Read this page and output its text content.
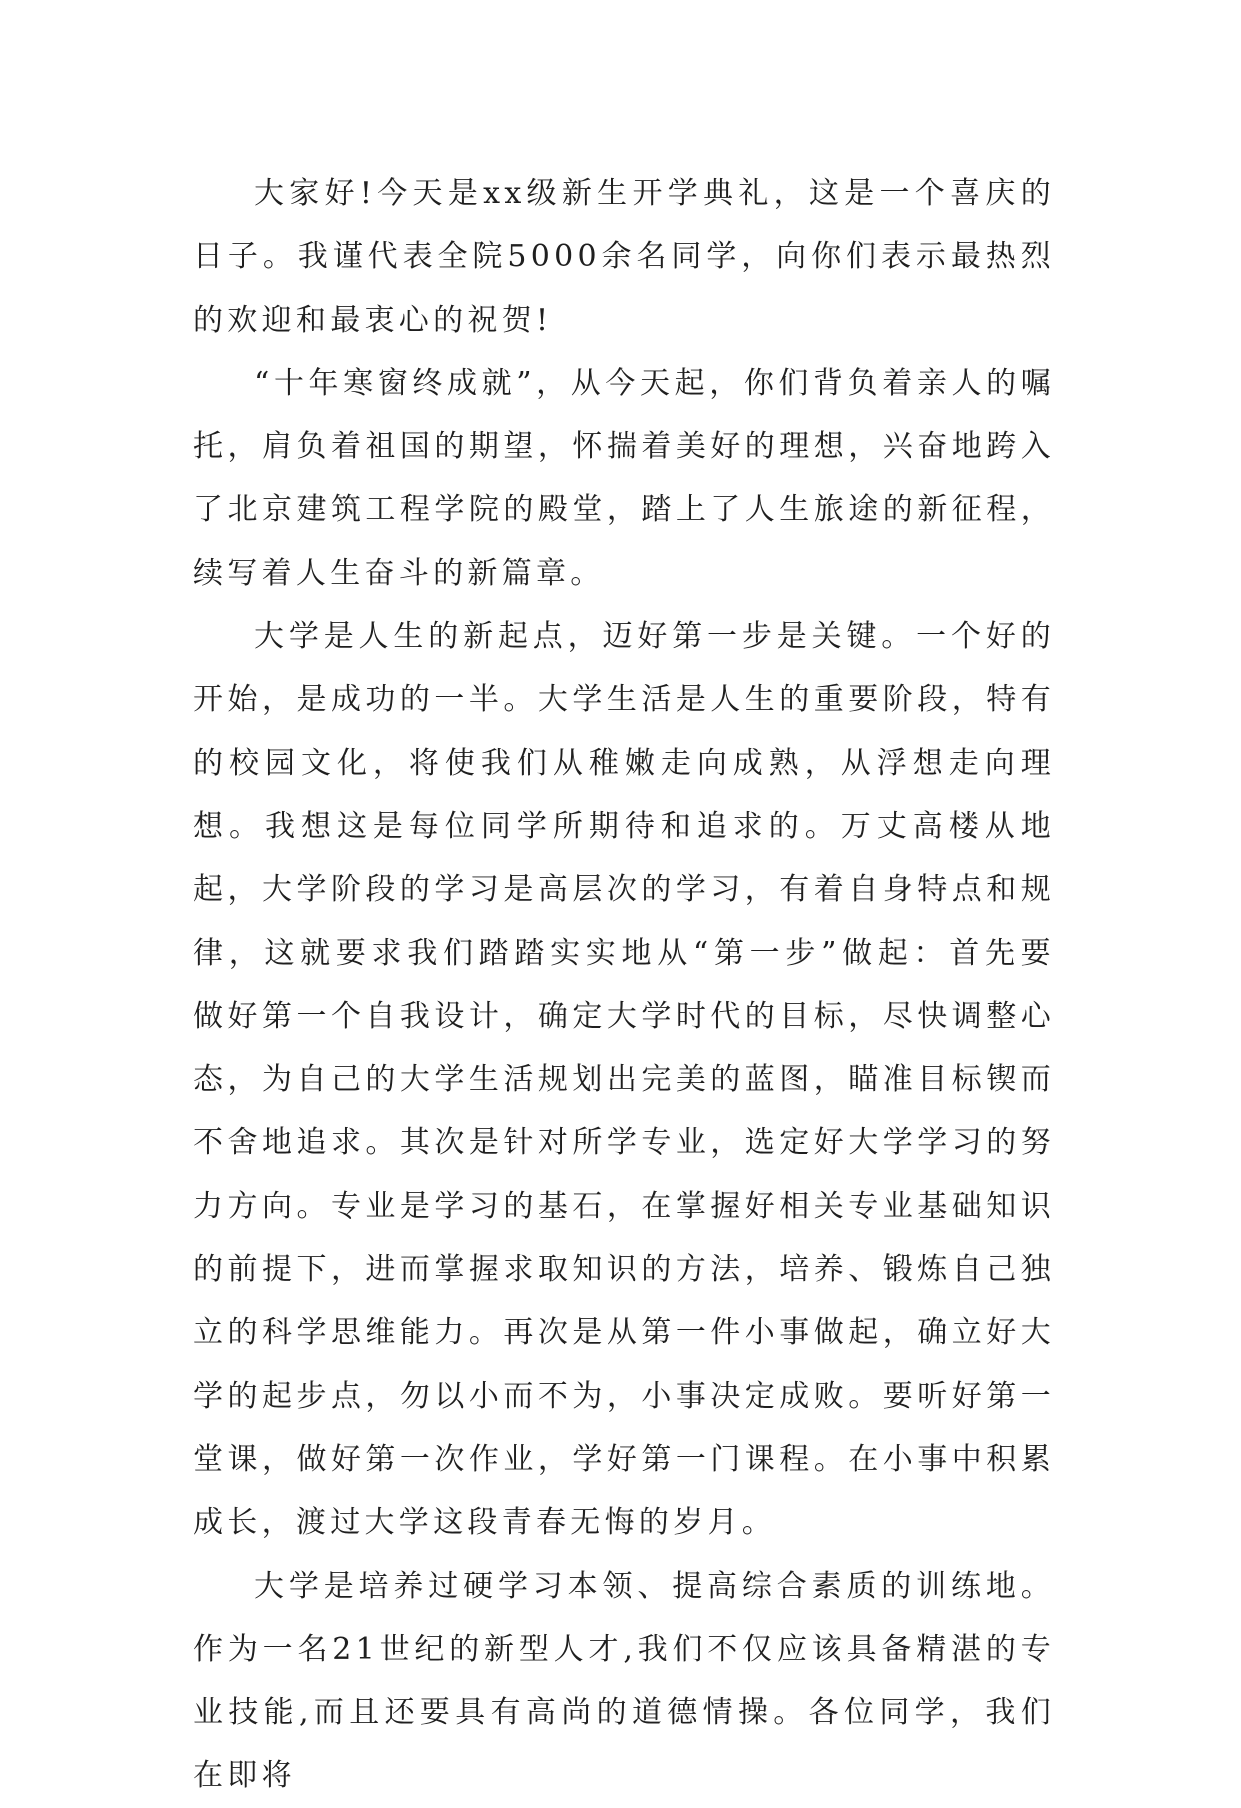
大家好!今天是xx级新生开学典礼，这是一个喜庆的日子。我谨代表全院5000余名同学，向你们表示最热烈的欢迎和最衷心的祝贺!

“十年寒窗终成就”，从今天起，你们背负着亲人的嘱托，肩负着祖国的期望，怀揣着美好的理想，兴奋地跨入了北京建筑工程学院的殿堂，踏上了人生旅途的新征程，续写着人生奋斗的新篇章。

大学是人生的新起点，迈好第一步是关键。一个好的开始，是成功的一半。大学生活是人生的重要阶段，特有的校园文化，将使我们从稚嫩走向成熟，从浮想走向理想。我想这是每位同学所期待和追求的。万丈高楼从地起，大学阶段的学习是高层次的学习，有着自身特点和规律，这就要求我们踏踏实实地从“第一步”做起：首先要做好第一个自我设计，确定大学时代的目标，尽快调整心态，为自己的大学生活规划出完美的蓝图，瞄准目标锲而不舍地追求。其次是针对所学专业，选定好大学学习的努力方向。专业是学习的基石，在掌握好相关专业基础知识的前提下，进而掌握求取知识的方法，培养、锻炼自己独立的科学思维能力。再次是从第一件小事做起，确立好大学的起步点，勿以小而不为，小事决定成败。要听好第一堂课，做好第一次作业，学好第一门课程。在小事中积累成长，渡过大学这段青春无悔的岁月。

大学是培养过硬学习本领、提高综合素质的训练地。作为一名21世纪的新型人才,我们不仅应该具备精湛的专业技能,而且还要具有高尚的道德情操。各位同学，我们在即将
